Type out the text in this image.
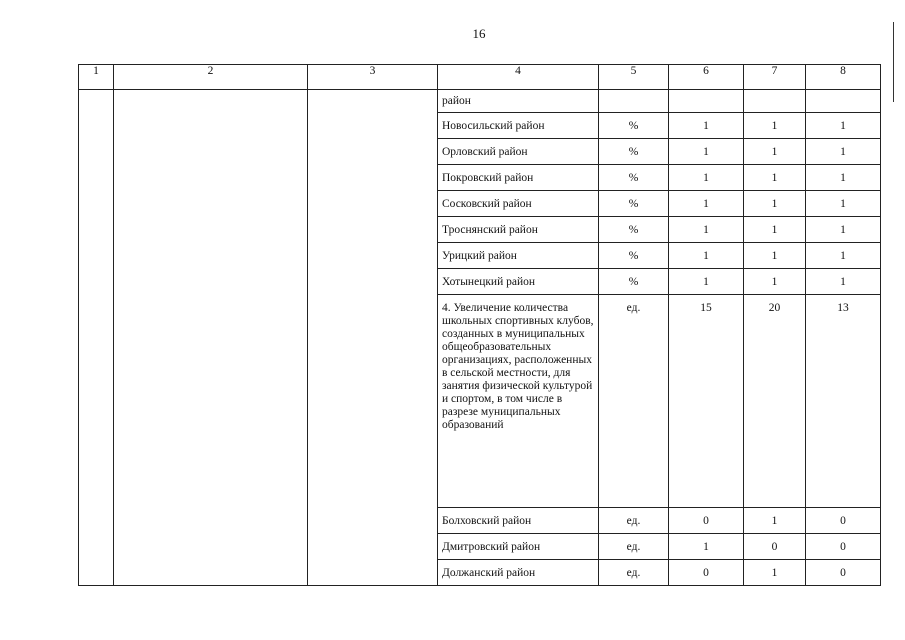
16
1	2	3	4	5	6	7	8
			район				
			Новосильский район	%	1	1	1
			Орловский район	%	1	1	1
			Покровский район	%	1	1	1
			Сосковский район	%	1	1	1
			Троснянский район	%	1	1	1
			Урицкий район	%	1	1	1
			Хотынецкий район	%	1	1	1
			4. Увеличение количества школьных спортивных клубов, созданных в муниципальных общеобразовательных организациях, расположенных в сельской местности, для занятия физической культурой и спортом, в том числе в разрезе муниципальных образований	ед.	15	20	13
			Болховский район	ед.	0	1	0
			Дмитровский район	ед.	1	0	0
			Должанский район	ед.	0	1	0
